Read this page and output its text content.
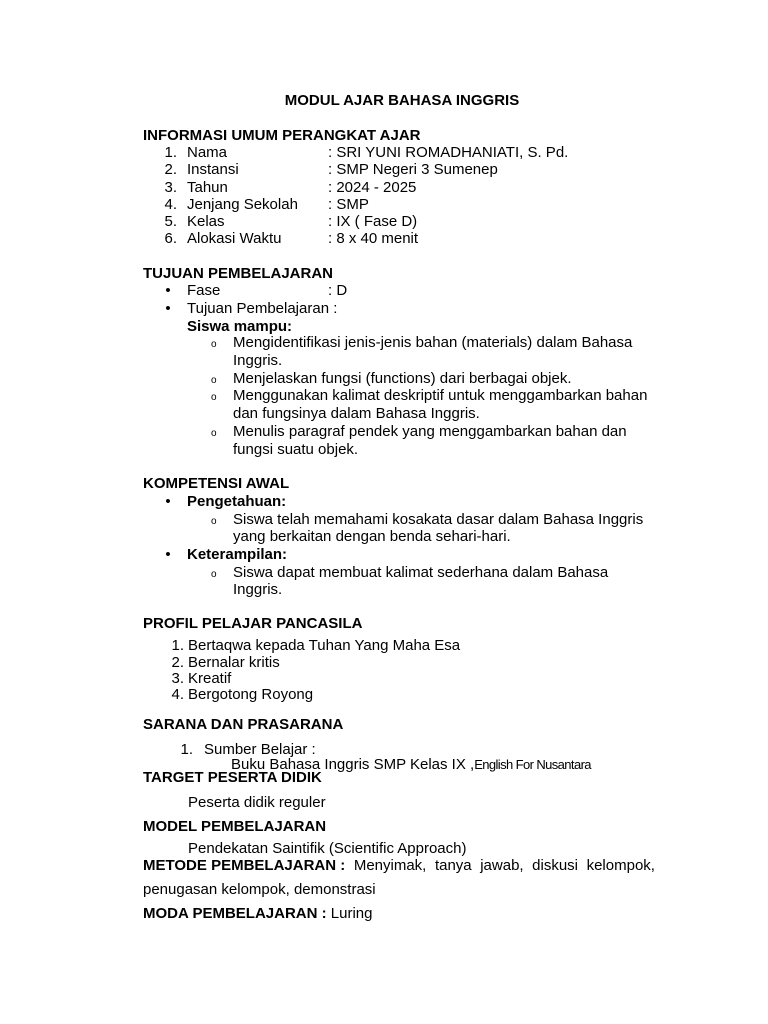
MODUL AJAR BAHASA INGGRIS
INFORMASI UMUM PERANGKAT AJAR
1. Nama	: SRI YUNI ROMADHANIATI, S. Pd.
2. Instansi	: SMP Negeri 3 Sumenep
3. Tahun	: 2024 - 2025
4. Jenjang Sekolah : SMP
5. Kelas	: IX ( Fase D)
6. Alokasi Waktu	: 8 x 40 menit
TUJUAN PEMBELAJARAN
• Fase	: D
• Tujuan Pembelajaran :
Siswa mampu:
o Mengidentifikasi jenis-jenis bahan (materials) dalam Bahasa
Inggris.
o Menjelaskan fungsi (functions) dari berbagai objek.
o Menggunakan kalimat deskriptif untuk menggambarkan bahan
dan fungsinya dalam Bahasa Inggris.
o Menulis paragraf pendek yang menggambarkan bahan dan
fungsi suatu objek.
KOMPETENSI AWAL
• Pengetahuan:
o Siswa telah memahami kosakata dasar dalam Bahasa Inggris
yang berkaitan dengan benda sehari-hari.
• Keterampilan:
o Siswa dapat membuat kalimat sederhana dalam Bahasa
Inggris.
PROFIL PELAJAR PANCASILA
1. Bertaqwa kepada Tuhan Yang Maha Esa
2. Bernalar kritis
3. Kreatif
4. Bergotong Royong
SARANA DAN PRASARANA
1. Sumber Belajar :
Buku Bahasa Inggris SMP Kelas IX ,English For Nusantara
TARGET PESERTA DIDIK
Peserta didik reguler
MODEL PEMBELAJARAN
Pendekatan Saintifik (Scientific Approach)
METODE PEMBELAJARAN : Menyimak, tanya jawab, diskusi kelompok,
penugasan kelompok, demonstrasi
MODA PEMBELAJARAN : Luring
